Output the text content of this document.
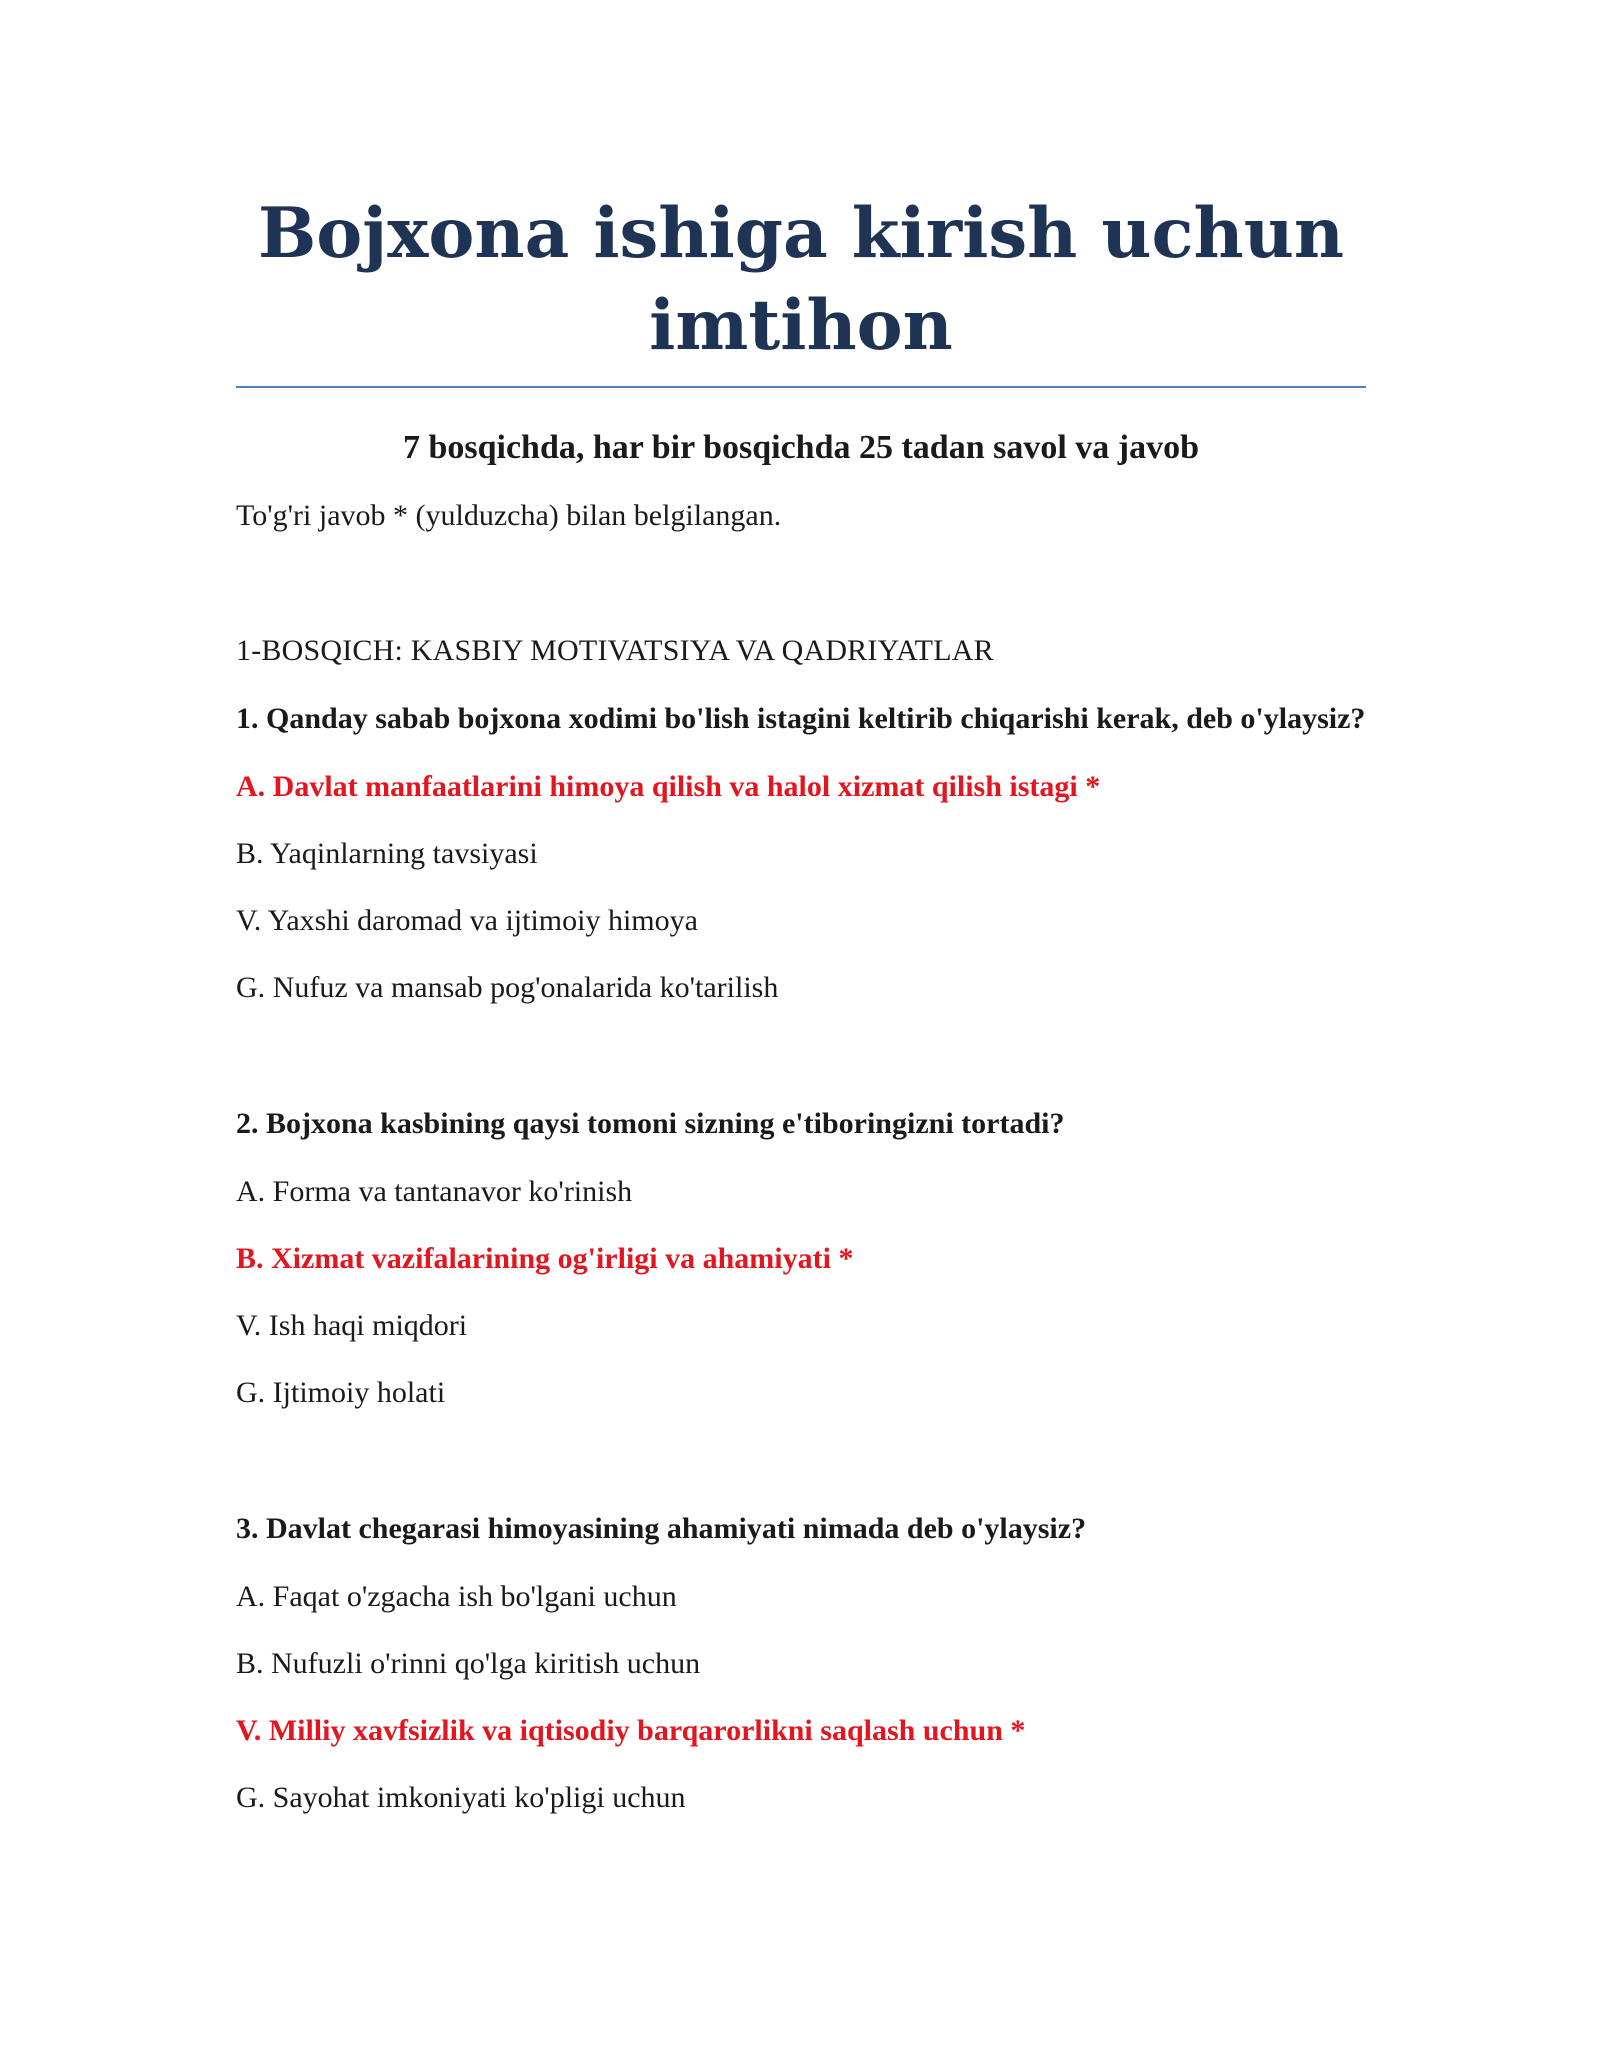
Bojxona ishiga kirish uchun imtihon
7 bosqichda, har bir bosqichda 25 tadan savol va javob
To'g'ri javob * (yulduzcha) bilan belgilangan.
1-BOSQICH: KASBIY MOTIVATSIYA VA QADRIYATLAR
1. Qanday sabab bojxona xodimi bo'lish istagini keltirib chiqarishi kerak, deb o'ylaysiz?
A. Davlat manfaatlarini himoya qilish va halol xizmat qilish istagi *
B. Yaqinlarning tavsiyasi
V. Yaxshi daromad va ijtimoiy himoya
G. Nufuz va mansab pog'onalarida ko'tarilish
2. Bojxona kasbining qaysi tomoni sizning e'tiboringizni tortadi?
A. Forma va tantanavor ko'rinish
B. Xizmat vazifalarining og'irligi va ahamiyati *
V. Ish haqi miqdori
G. Ijtimoiy holati
3. Davlat chegarasi himoyasining ahamiyati nimada deb o'ylaysiz?
A. Faqat o'zgacha ish bo'lgani uchun
B. Nufuzli o'rinni qo'lga kiritish uchun
V. Milliy xavfsizlik va iqtisodiy barqarorlikni saqlash uchun *
G. Sayohat imkoniyati ko'pligi uchun
